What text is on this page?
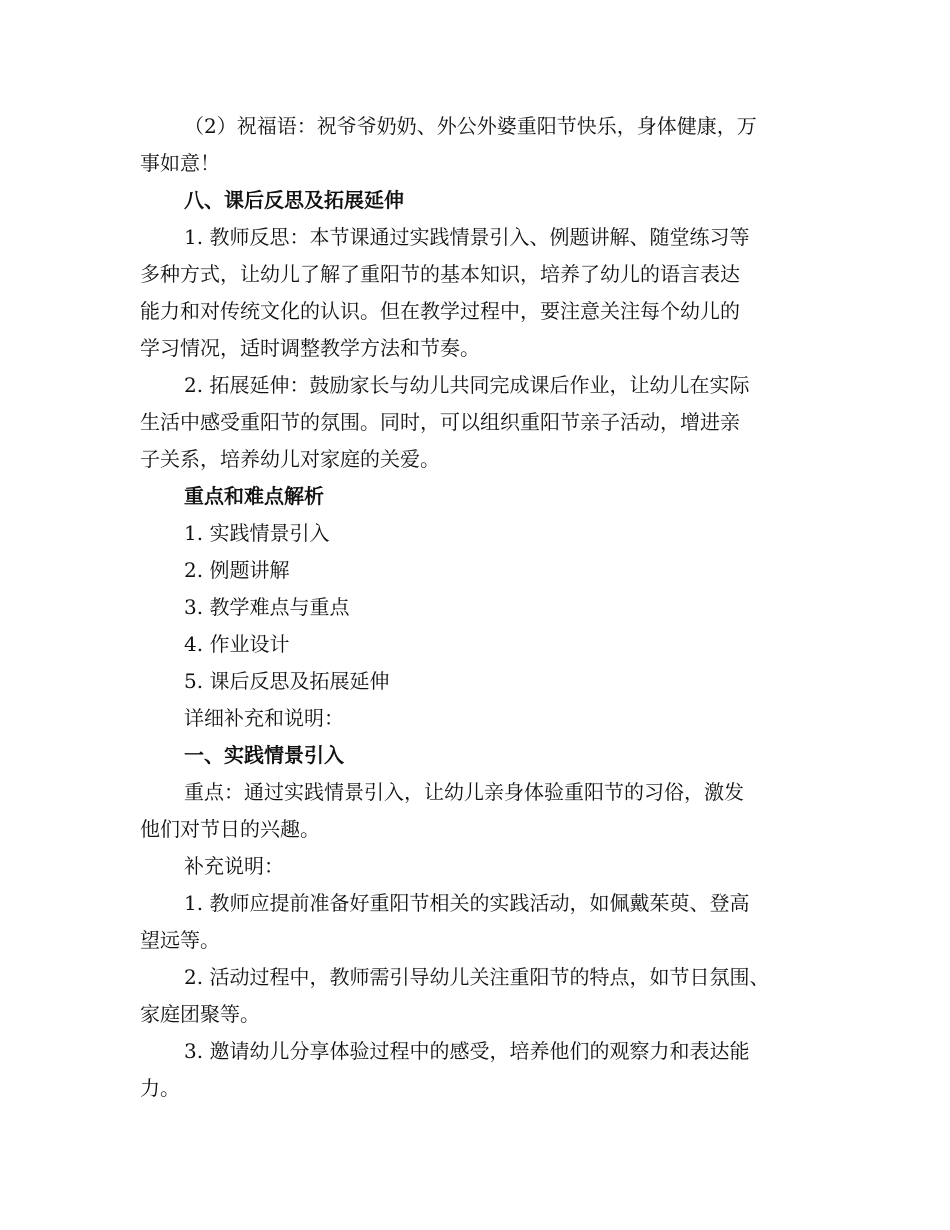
（2）祝福语：祝爷爷奶奶、外公外婆重阳节快乐，身体健康，万

事如意！

八、课后反思及拓展延伸

1. 教师反思：本节课通过实践情景引入、例题讲解、随堂练习等

多种方式，让幼儿了解了重阳节的基本知识，培养了幼儿的语言表达

能力和对传统文化的认识。但在教学过程中，要注意关注每个幼儿的

学习情况，适时调整教学方法和节奏。

2. 拓展延伸：鼓励家长与幼儿共同完成课后作业，让幼儿在实际

生活中感受重阳节的氛围。同时，可以组织重阳节亲子活动，增进亲

子关系，培养幼儿对家庭的关爱。

重点和难点解析

1. 实践情景引入

2. 例题讲解

3. 教学难点与重点

4. 作业设计

5. 课后反思及拓展延伸

详细补充和说明：

一、实践情景引入

重点：通过实践情景引入，让幼儿亲身体验重阳节的习俗，激发

他们对节日的兴趣。

补充说明：

1. 教师应提前准备好重阳节相关的实践活动，如佩戴茱萸、登高

望远等。

2. 活动过程中，教师需引导幼儿关注重阳节的特点，如节日氛围、

家庭团聚等。

3. 邀请幼儿分享体验过程中的感受，培养他们的观察力和表达能

力。
